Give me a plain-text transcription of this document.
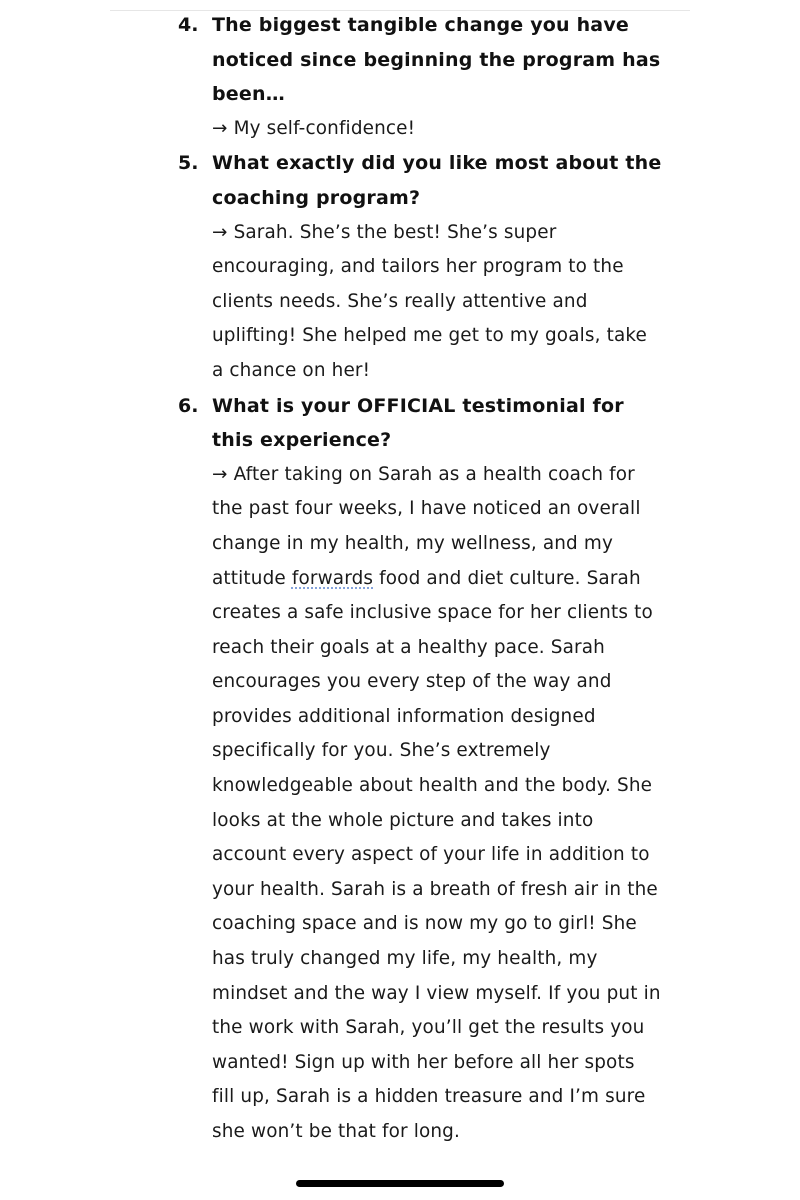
4. The biggest tangible change you have noticed since beginning the program has been…
→ My self-confidence!
5. What exactly did you like most about the coaching program?
→ Sarah. She’s the best! She’s super encouraging, and tailors her program to the clients needs. She’s really attentive and uplifting! She helped me get to my goals, take a chance on her!
6. What is your OFFICIAL testimonial for this experience?
→ After taking on Sarah as a health coach for the past four weeks, I have noticed an overall change in my health, my wellness, and my attitude forwards food and diet culture. Sarah creates a safe inclusive space for her clients to reach their goals at a healthy pace. Sarah encourages you every step of the way and provides additional information designed specifically for you. She’s extremely knowledgeable about health and the body. She looks at the whole picture and takes into account every aspect of your life in addition to your health. Sarah is a breath of fresh air in the coaching space and is now my go to girl! She has truly changed my life, my health, my mindset and the way I view myself. If you put in the work with Sarah, you’ll get the results you wanted! Sign up with her before all her spots fill up, Sarah is a hidden treasure and I’m sure she won’t be that for long.
